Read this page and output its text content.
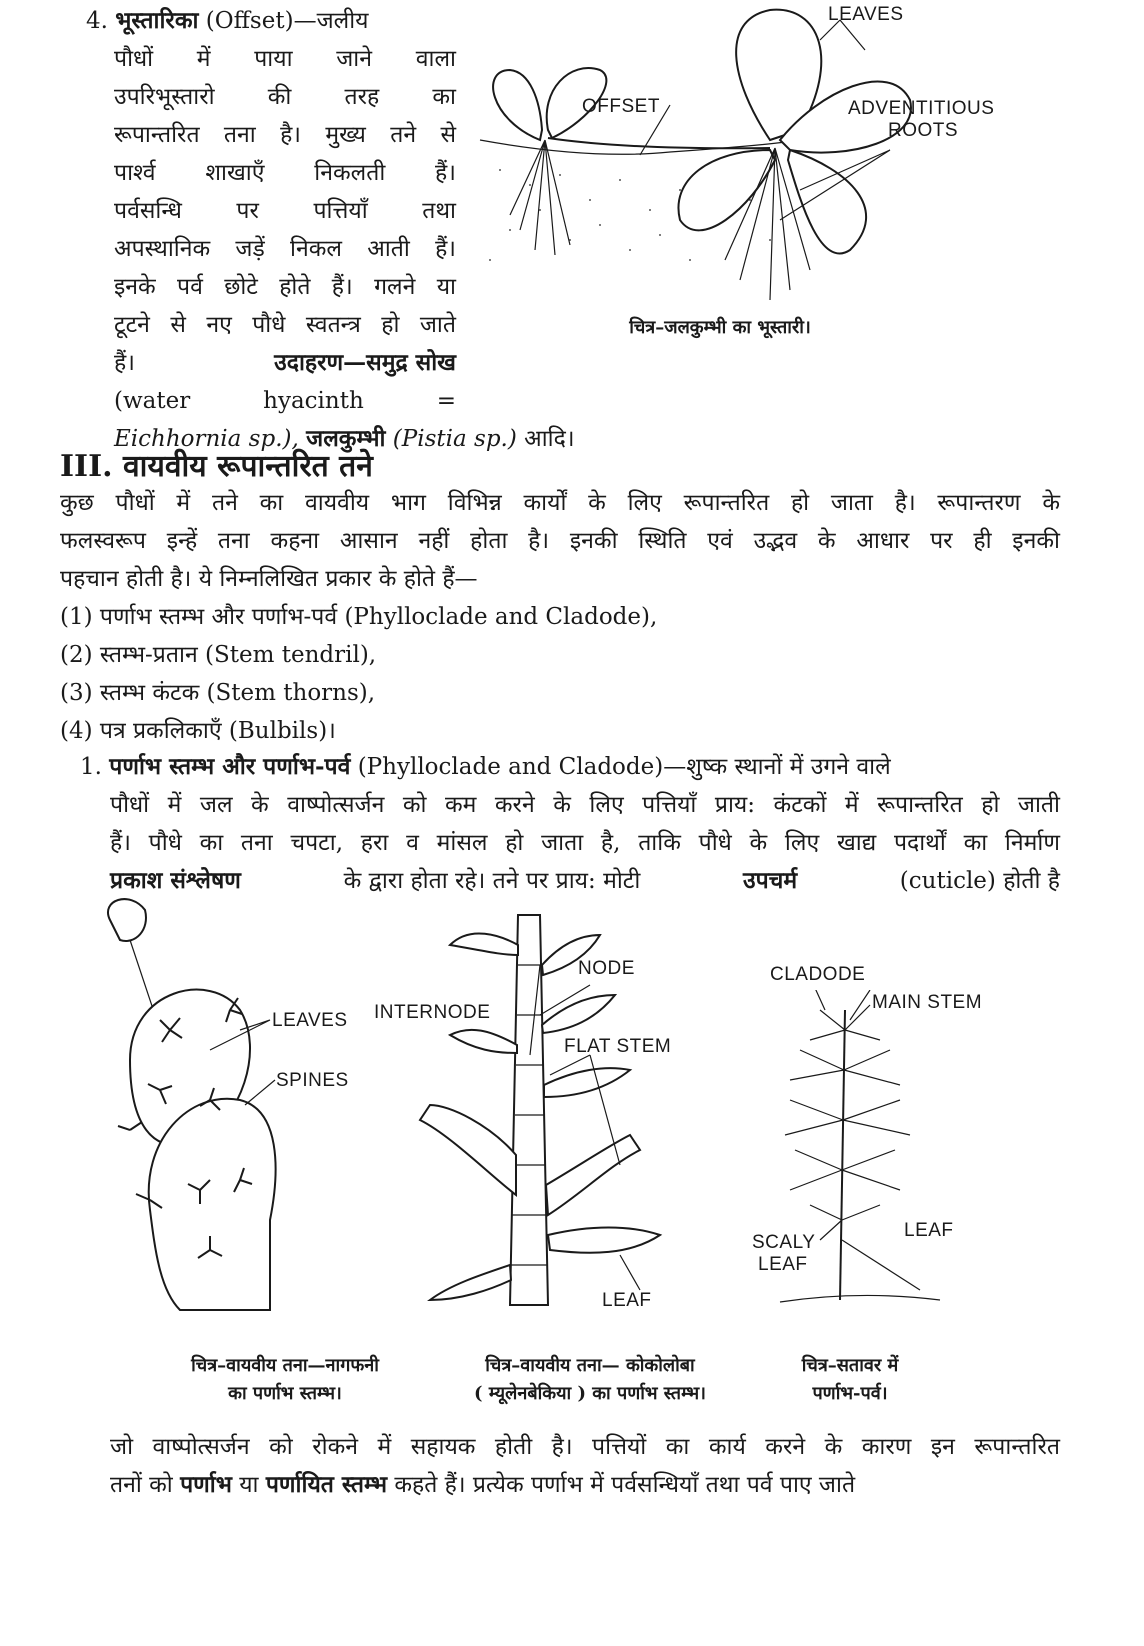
4. भूस्तारिका (Offset)—जलीय
पौधों में पाया जाने वाला
उपरिभूस्तारो की तरह का
रूपान्तरित तना है। मुख्य तने से
पार्श्व शाखाएँ निकलती हैं।
पर्वसन्धि पर पत्तियाँ तथा
अपस्थानिक जड़ें निकल आती हैं।
इनके पर्व छोटे होते हैं। गलने या
टूटने से नए पौधे स्वतन्त्र हो जाते
हैं।	उदाहरण—समुद्र सोख
(water	hyacinth	=
Eichhornia sp.), जलकुम्भी (Pistia sp.) आदि।
LEAVES
OFFSET	ADVENTITIOUS
ROOTS
चित्र–जलकुम्भी का भूस्तारी।
III. वायवीय रूपान्तरित तने
कुछ पौधों में तने का वायवीय भाग विभिन्न कार्यों के लिए रूपान्तरित हो जाता है। रूपान्तरण के
फलस्वरूप इन्हें तना कहना आसान नहीं होता है। इनकी स्थिति एवं उद्भव के आधार पर ही इनकी
पहचान होती है। ये निम्नलिखित प्रकार के होते हैं—
(1) पर्णाभ स्तम्भ और पर्णाभ-पर्व (Phylloclade and Cladode),
(2) स्तम्भ-प्रतान (Stem tendril),
(3) स्तम्भ कंटक (Stem thorns),
(4) पत्र प्रकलिकाएँ (Bulbils)।
1. पर्णाभ स्तम्भ और पर्णाभ-पर्व (Phylloclade and Cladode)—शुष्क स्थानों में उगने वाले
पौधों में जल के वाष्पोत्सर्जन को कम करने के लिए पत्तियाँ प्राय: कंटकों में रूपान्तरित हो जाती
हैं। पौधे का तना चपटा, हरा व मांसल हो जाता है, ताकि पौधे के लिए खाद्य पदार्थों का निर्माण
प्रकाश संश्लेषण	के द्वारा होता रहे। तने पर प्राय: मोटी	उपचर्म	(cuticle) होती है
LEAVES
SPINES
चित्र–वायवीय तना—नागफनी
का पर्णाभ स्तम्भ।
NODE
INTERNODE
FLAT STEM
LEAF
चित्र–वायवीय तना— कोकोलोबा
( म्यूलेनबेकिया ) का पर्णाभ स्तम्भ।
CLADODE
MAIN STEM
SCALY
LEAF
LEAF
चित्र–सतावर में
पर्णाभ-पर्व।
जो वाष्पोत्सर्जन को रोकने में सहायक होती है। पत्तियों का कार्य करने के कारण इन रूपान्तरित
तनों को पर्णाभ या पर्णायित स्तम्भ कहते हैं। प्रत्येक पर्णाभ में पर्वसन्धियाँ तथा पर्व पाए जाते
